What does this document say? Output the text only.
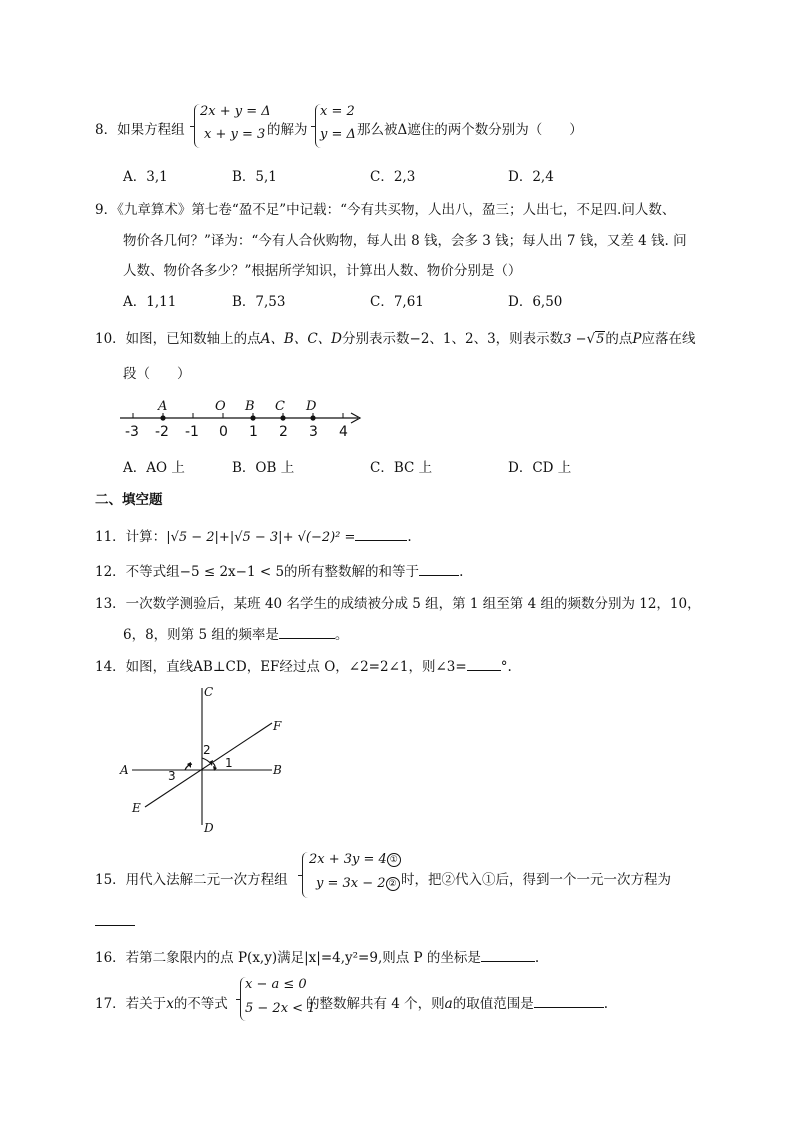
8．如果方程组
2x + y = Δ
x + y = 3 的解为
x = 2
y = Δ 那么被Δ遮住的两个数分别为（　　）
A．3,1	B．5,1	C．2,3	D．2,4
9．《九章算术》第七卷“盈不足”中记载：“今有共买物，人出八，盈三；人出七，不足四.问人数、
物价各几何？”译为：“今有人合伙购物，每人出 8 钱，会多 3 钱；每人出 7 钱，又差 4 钱. 问
人数、物价各多少？”根据所学知识，计算出人数、物价分别是（）
A．1,11	B．7,53	C．7,61	D．6,50
10．如图，已知数轴上的点A、B、C、D分别表示数−2、1、2、3，则表示数3 −√5的点P应落在线
段（　　）
-3 -2 -1 0 1 2 3 4
A	O B C D
A．AO 上	B．OB 上	C．BC 上	D．CD 上
二、填空题
11．计算：|√5 − 2|+|√5 − 3|+ √(−2)² =	.
12．不等式组−5 ≤ 2x−1 < 5的所有整数解的和等于	.
13．一次数学测验后，某班 40 名学生的成绩被分成 5 组，第 1 组至第 4 组的频数分别为 12，10，
6，8，则第 5 组的频率是	。
14．如图，直线AB⊥CD，EF经过点 O，∠2=2∠1，则∠3=	°.
C
F
A	B
E
D
2
1
3
15．用代入法解二元一次方程组
2x + 3y = 4 ①
y = 3x − 2 ② 时，把②代入①后，得到一个一元一次方程为
16．若第二象限内的点 P(x,y)满足|x|=4,y²=9,则点 P 的坐标是	.
17．若关于x的不等式
x − a ≤ 0
5 − 2x < 1
的整数解共有 4 个，则a的取值范围是	.
